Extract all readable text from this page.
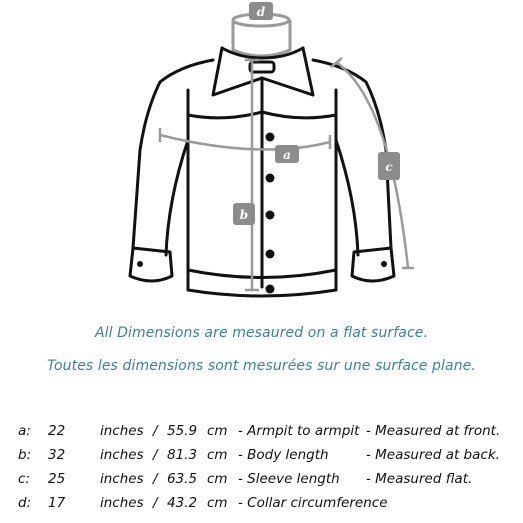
d
a
b
c
All Dimensions are mesaured on a flat surface.
Toutes les dimensions sont mesurées sur une surface plane.
a: 22	inches / 55.9 cm - Armpit to armpit - Measured at front.
b: 32	inches / 81.3 cm - Body length	- Measured at back.
c: 25	inches / 63.5 cm - Sleeve length - Measured flat.
d: 17	inches / 43.2 cm - Collar circumference
